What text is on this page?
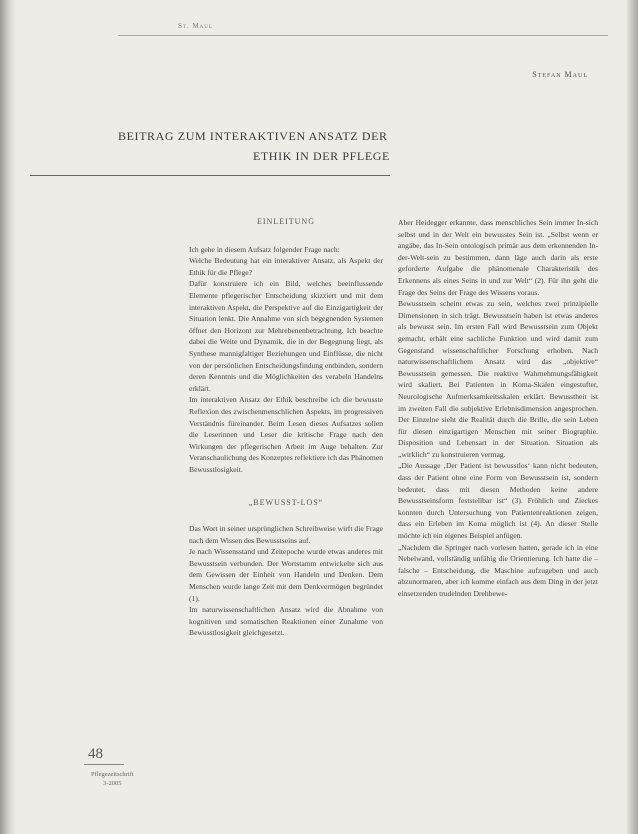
St. Maul
Stefan Maul
BEITRAG ZUM INTERAKTIVEN ANSATZ DER
ETHIK IN DER PFLEGE
EINLEITUNG

Ich gehe in diesem Aufsatz folgender Frage nach:

Welche Bedeutung hat ein interaktiver Ansatz, als Aspekt der Ethik für die Pflege?

Dafür konstruiere ich ein Bild, welches beeinflussende Elemente pflegerischer Entscheidung skizziert und mit dem interaktiven Aspekt, die Perspektive auf die Einzigartigkeit der Situation lenkt. Die Annahme von sich begegnenden Systemen öffnet den Horizont zur Mehrebenenbetrachtung. Ich beachte dabei die Weite und Dynamik, die in der Begegnung liegt, als Synthese mannigfaltiger Beziehungen und Einflüsse, die nicht von der persönlichen Entscheidungsfindung entbinden, sondern deren Kenntnis und die Möglichkeiten des verabeln Handelns erklärt.

Im interaktiven Ansatz der Ethik beschreibe ich die bewusste Reflexion des zwischenmenschlichen Aspekts, im progressiven Verständnis füreinander. Beim Lesen dieses Aufsatzes sollen die Leserinnen und Leser die kritische Frage nach den Wirkungen der pflegerischen Arbeit im Auge behalten. Zur Veranschaulichung des Konzeptes reflektiere ich das Phänomen Bewusstlosigkeit.

„BEWUSST-LOS“

Das Wort in seiner ursprünglichen Schreibweise wirft die Frage nach dem Wissen des Bewusstseins auf.

Je nach Wissensstand und Zeitepoche wurde etwas anderes mit Bewusstsein verbunden. Der Wortstamm entwickelte sich aus dem Gewissen der Einheit von Handeln und Denken. Dem Menschen wurde lange Zeit mit dem Denkvermögen begründet (1).

Im naturwissenschaftlichen Ansatz wird die Abnahme von kognitiven und somatischen Reaktionen einer Zunahme von Bewusstlosigkeit gleichgesetzt.

Aber Heidegger erkannte, dass menschliches Sein immer In-sich selbst und in der Welt ein bewusstes Sein ist. „Selbst wenn er angäbe, das In-Sein ontologisch primär aus dem erkennenden In-der-Welt-sein zu bestimmen, dann läge auch darin als erste geforderte Aufgabe die phänomenale Charakteristik des Erkennens als eines Seins in und zur Welt“ (2). Für ihn geht die Frage des Seins der Frage des Wissens voraus.

Bewusstsein scheint etwas zu sein, welches zwei prinzipielle Dimensionen in sich trägt. Bewusstsein haben ist etwas anderes als bewusst sein. Im ersten Fall wird Bewusstsein zum Objekt gemacht, erhält eine sachliche Funktion und wird damit zum Gegenstand wissenschaftlicher Forschung erhoben. Nach naturwissenschaftlichem Ansatz wird das „objektive“ Bewusstsein gemessen. Die reaktive Wahrnehmungsfähigkeit wird skaliert. Bei Patienten in Koma-Skalen eingestufter, Neurologische Aufmerksamkeitsskalen erklärt. Bewusstheit ist im zweiten Fall die subjektive Erlebnisdimension angesprochen. Der Einzelne sieht die Realität durch die Brille, die sein Leben für diesen einzigartigen Menschen mit seiner Biographie. Disposition und Lebensart in der Situation. Situation als „wirklich“ zu konstruieren vermag.

„Die Aussage ‚Der Patient ist bewusstlos‘ kann nicht bedeuten, dass der Patient ohne eine Form von Bewusstsein ist, sondern bedeutet, dass mit diesen Methoden keine andere Bewusstseinsform feststellbar ist“ (3). Fröhlich und Zieckes konnten durch Untersuchung von Patientenreaktionen zeigen, dass ein Erleben im Koma möglich ist (4). An dieser Stelle möchte ich ein eigenes Beispiel anfügen.

„Nachdem die Springer nach vorlesen hatten, gerade ich in eine Nebelwand, vollständig unfähig die Orientierung. Ich hatte die – falsche – Entscheidung, die Maschine aufzugeben und auch abzunormaren, aber ich komme einfach aus dem Ding in der jetzt einsetzenden trudelnden Drehbewe-

48
Pflegezeitschrift
3-2005
